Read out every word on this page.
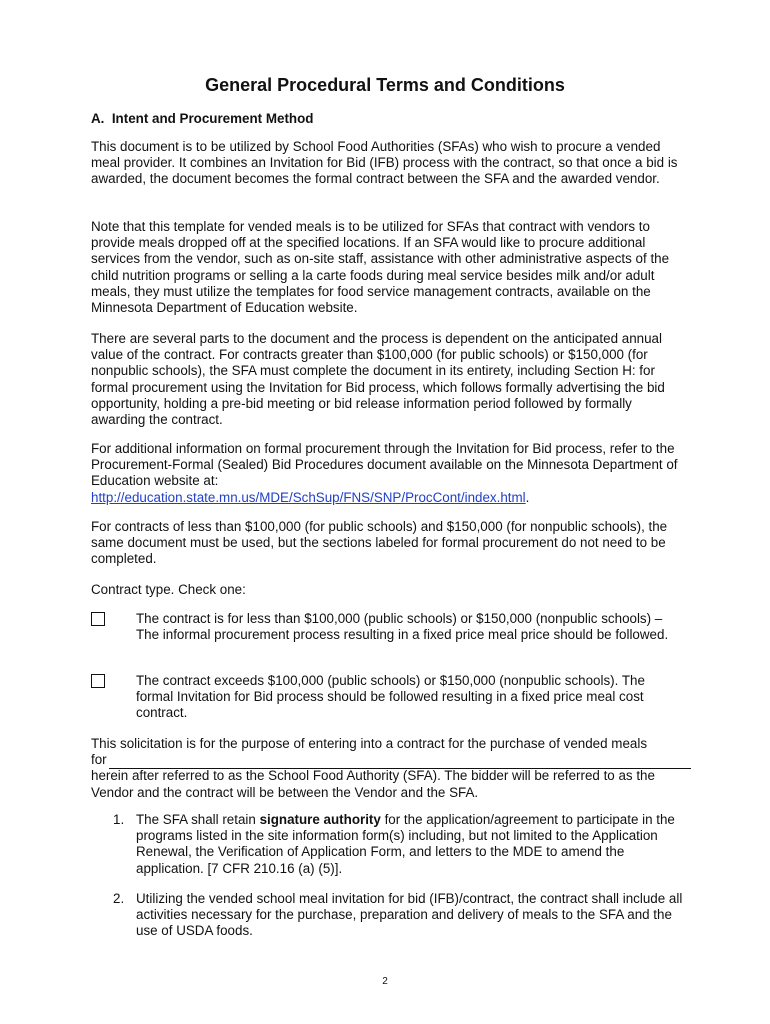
General Procedural Terms and Conditions
A.  Intent and Procurement Method

This document is to be utilized by School Food Authorities (SFAs) who wish to procure a vended meal provider. It combines an Invitation for Bid (IFB) process with the contract, so that once a bid is awarded, the document becomes the formal contract between the SFA and the awarded vendor.

Note that this template for vended meals is to be utilized for SFAs that contract with vendors to provide meals dropped off at the specified locations. If an SFA would like to procure additional services from the vendor, such as on-site staff, assistance with other administrative aspects of the child nutrition programs or selling a la carte foods during meal service besides milk and/or adult meals, they must utilize the templates for food service management contracts, available on the Minnesota Department of Education website.

There are several parts to the document and the process is dependent on the anticipated annual value of the contract. For contracts greater than $100,000 (for public schools) or $150,000 (for nonpublic schools), the SFA must complete the document in its entirety, including Section H: for formal procurement using the Invitation for Bid process, which follows formally advertising the bid opportunity, holding a pre-bid meeting or bid release information period followed by formally awarding the contract.

For additional information on formal procurement through the Invitation for Bid process, refer to the Procurement-Formal (Sealed) Bid Procedures document available on the Minnesota Department of Education website at:
http://education.state.mn.us/MDE/SchSup/FNS/SNP/ProcCont/index.html.

For contracts of less than $100,000 (for public schools) and $150,000 (for nonpublic schools), the same document must be used, but the sections labeled for formal procurement do not need to be completed.

Contract type. Check one:

The contract is for less than $100,000 (public schools) or $150,000 (nonpublic schools) – The informal procurement process resulting in a fixed price meal price should be followed.

The contract exceeds $100,000 (public schools) or $150,000 (nonpublic schools). The formal Invitation for Bid process should be followed resulting in a fixed price meal cost contract.

This solicitation is for the purpose of entering into a contract for the purchase of vended meals
for
herein after referred to as the School Food Authority (SFA). The bidder will be referred to as the Vendor and the contract will be between the Vendor and the SFA.
1. The SFA shall retain signature authority for the application/agreement to participate in the programs listed in the site information form(s) including, but not limited to the Application Renewal, the Verification of Application Form, and letters to the MDE to amend the application. [7 CFR 210.16 (a) (5)].

2. Utilizing the vended school meal invitation for bid (IFB)/contract, the contract shall include all activities necessary for the purchase, preparation and delivery of meals to the SFA and the use of USDA foods.

2
